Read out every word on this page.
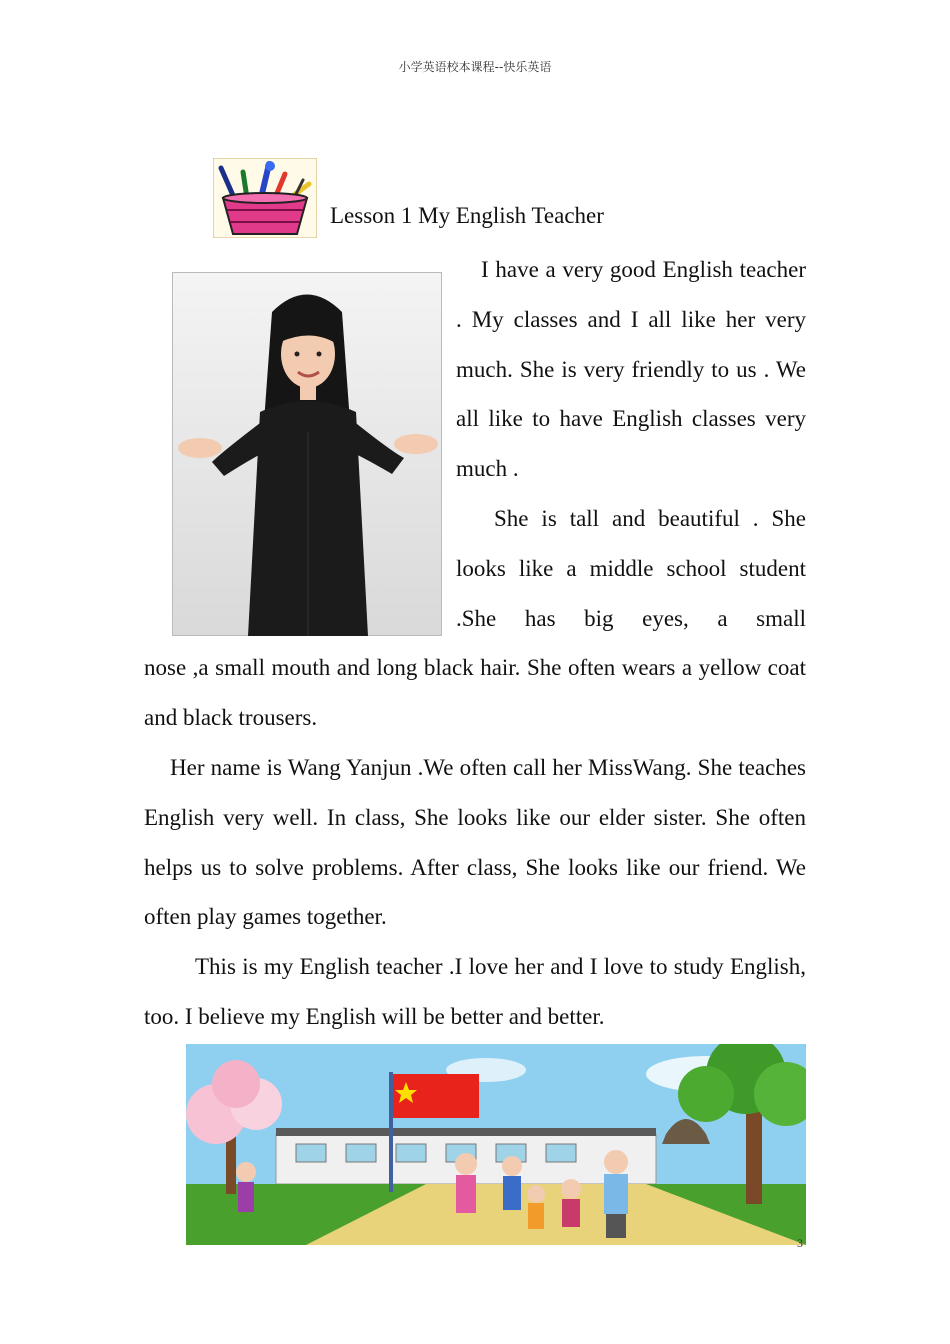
小学英语校本课程--快乐英语
Lesson 1 My English Teacher

I have a very good English teacher . My classes and I all like her very much. She is very friendly to us . We all like to have English classes very much .

She is tall and beautiful . She looks like a middle school student .She has big eyes, a small

nose ,a small mouth and long black hair. She often wears a yellow coat and black trousers.

Her name is Wang Yanjun .We often call her MissWang. She teaches English very well. In class, She looks like our elder sister. She often helps us to solve problems. After class, She looks like our friend. We often play games together.

This is my English teacher .I love her and I love to study English, too. I believe my English will be better and better.

3
